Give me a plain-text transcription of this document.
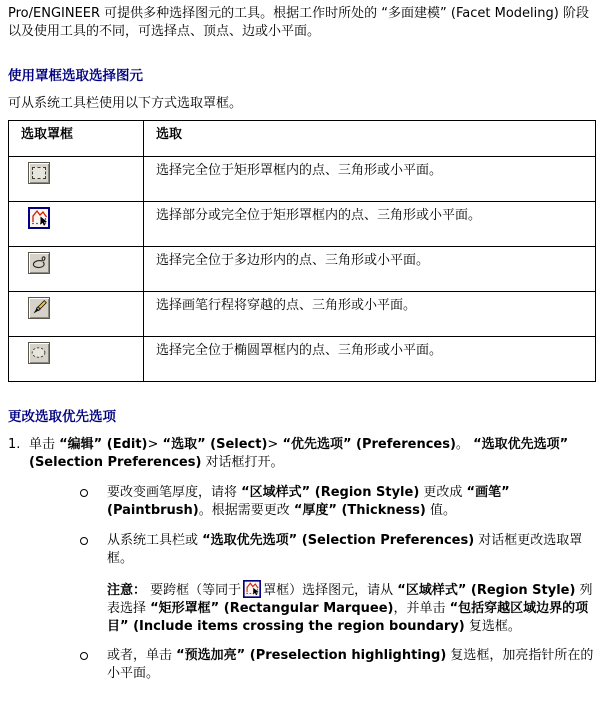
Pro/ENGINEER 可提供多种选择图元的工具。根据工作时所处的 “多面建模” (Facet Modeling) 阶段以及使用工具的不同，可选择点、顶点、边或小平面。

使用罩框选取选择图元

可从系统工具栏使用以下方式选取罩框。

选取罩框	选取

	选择完全位于矩形罩框内的点、三角形或小平面。

	选择部分或完全位于矩形罩框内的点、三角形或小平面。

	选择完全位于多边形内的点、三角形或小平面。

	选择画笔行程将穿越的点、三角形或小平面。

	选择完全位于椭圆罩框内的点、三角形或小平面。
更改选取优先选项
1. 单击 “编辑” (Edit)> “选取” (Select)> “优先选项” (Preferences)。 “选取优先选项” (Selection Preferences) 对话框打开。
要改变画笔厚度，请将 “区域样式” (Region Style) 更改成 “画笔” (Paintbrush)。根据需要更改 “厚度” (Thickness) 值。
从系统工具栏或 “选取优先选项” (Selection Preferences) 对话框更改选取罩框。

注意： 要跨框（等同于 罩框）选择图元，请从 “区域样式” (Region Style) 列表选择 “矩形罩框” (Rectangular Marquee)，并单击 “包括穿越区域边界的项目” (Include items crossing the region boundary) 复选框。

或者，单击 “预选加亮” (Preselection highlighting) 复选框，加亮指针所在的小平面。
